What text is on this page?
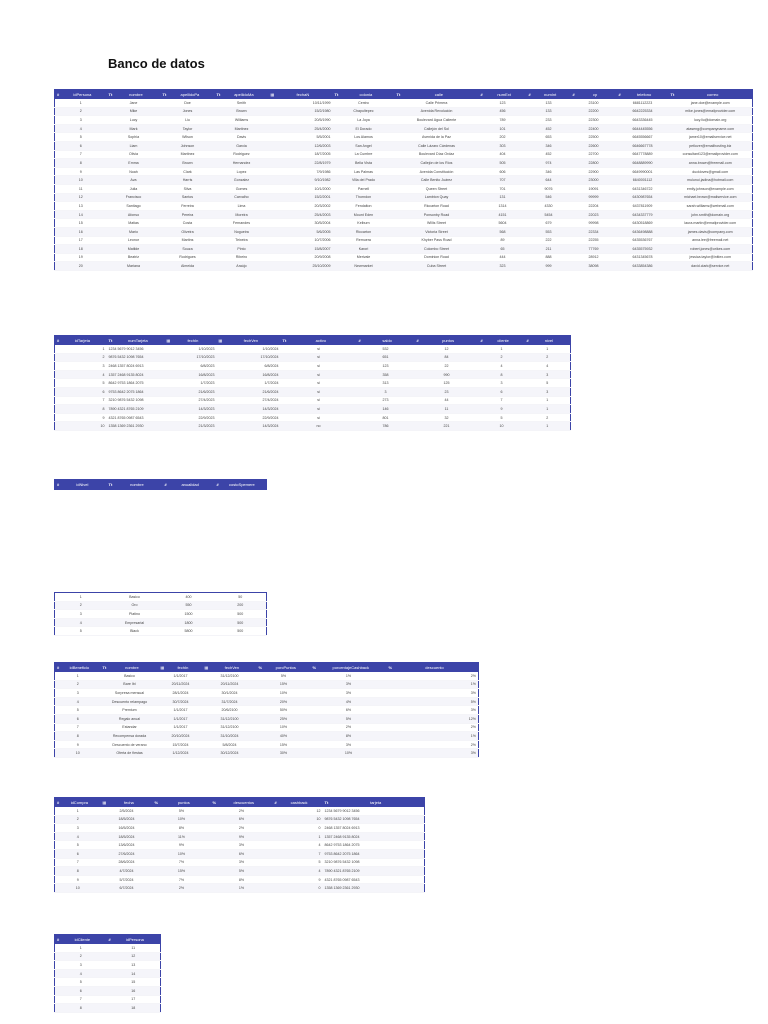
Banco de datos
# idPersona	Tt nombre	Tt apellidoPa	Tt apellidoMa	▦ fechaN	Tt colonia	Tt calle	# numExt	# numInt	# cp	# telefono	Tt correo
1	Jane	Doe	Smith	10/11/1999	Centro	Calle Primera	123	133	23100	6681112223	jane.doe@example.com
2	Mike	Jones	Brown	15/2/1980	Chapultepec	Avenida Revolución	456	133	22200	6642225334	mike.jones@emailprovider.com
3	Lucy	Liu	Williams	20/5/1990	La Joya	Boulevard Agua Caliente	789	233	22300	6643336445	lucy.liu@domain.org
4	Mark	Taylor	Martinez	25/4/2000	El Dorado	Callejón del Sol	101	452	22400	6644445556	ataseng@companyname.com
5	Sophia	Wilson	Davis	5/5/2001	Los Alamos	Avenida de la Paz	202	653	22500	6645556667	jamer10@emailservice.net
6	Liam	Johnson	Garcia	12/6/2003	San Angel	Calle Lázaro Cárdenas	303	346	22600	6646667778	petlover@emailhosting.biz
7	Olivia	Martinez	Rodriguez	18/7/2005	La Cumbre	Boulevard Díaz Ordaz	404	452	22700	6647778889	consultant123@emailprovider.com
8	Emma	Brown	Hernandez	22/8/1979	Bella Vista	Callejón de los Ríos	505	974	22800	6648889990	anna.brown@freemail.com
9	Noah	Clark	Lopez	7/9/1986	Las Palmas	Avenida Constitución	606	346	22900	6649990001	duckloves@gmail.com
10	Ava	Harris	Gonzalez	9/10/1982	Villa del Prado	Calle Benito Juárez	707	644	23000	6640001112	mulunui.jadina@hotmail.com
11	Julia	Silva	Gomes	10/1/2000	Parnell	Queen Street	701	9076	19091	6431346722	emily.johnson@example.com
12	Francisco	Santos	Carvalho	15/2/2001	Thorndon	Lambton Quay	131	546	99999	6430987654	michael.brown@mailservice.com
13	Santiago	Ferreira	Lima	20/3/2002	Fendalton	Riccarton Road	1314	4330	22204	6437811909	sarah.williams@webmail.com
14	Afonso	Pereira	Moreira	25/4/2003	Mount Eden	Ponsonby Road	4151	5454	22023	6434337779	john.smith@domain.org
15	Matias	Costa	Fernandes	30/5/2004	Kelburn	Willis Street	5604	679	99998	6430518869	laura.martin@emailprovider.com
16	Mario	Oliveira	Nogueira	5/6/2005	Riccarton	Victoria Street	568	553	22334	6436498888	james.davis@company.com
17	Leonor	Martins	Teixeira	10/7/2006	Remuera	Khyber Pass Road	89	222	22255	6435536767	anna.lee@freemail.net
18	Matilde	Souza	Pinto	15/8/2007	Karori	Colombo Street	65	211	77769	6435575932	robert.jones@orikes.com
19	Beatriz	Rodrigues	Ribeiro	20/9/2008	Merivale	Dominion Road	444	888	28912	6431345678	jessica.taylor@initiex.com
20	Mariana	Almeida	Araújo	25/10/2009	Newmarket	Cuba Street	323	999	38098	6433854386	david.clark@service.net
# idTarjeta	Tt numTarjeta	▦ fechIn	▦ fechVen	Tt activo	# saldo	# puntos	# cliente	# nivel
1	1234 5679 9012 3456	1/10/2023	1/10/2024	si	532	12	1	1
2	9876 5432 1098 7654	17/10/2023	17/10/2024	si	651	84	2	2
3	2468 1357 8024 6913	6/8/2023	6/8/2024	si	123	22	4	4
4	1357 2468 9135 8024	16/8/2023	16/8/2024	si	358	990	8	3
5	8642 9753 1864 2075	1/7/2023	1/7/2024	si	313	125	3	5
6	9753 8642 2075 1864	21/6/2023	21/6/2024	si	3	23	6	3
7	3210 9876 5432 1098	27/4/2023	27/4/2024	si	273	44	7	1
8	7890 4321 8765 2109	14/3/2023	14/3/2024	si	146	11	9	1
9	4321 8765 0987 6543	22/9/2023	22/9/2024	si	801	32	5	2
10	1358 1369 2361 2930	21/3/2023	14/3/2024	no	786	221	10	1
#	idNivel	Tt	nombre	#	anualidad	#	costoSpemere
1	Basico	400	50
2	Oro	550	200
3	Platino	1500	500
4	Empresarial	1800	500
5	Black	5800	500
# idBeneficio	Tt nombre	▦ fechIn	▦ fechVen	% porcPuntos	% porcentajeCashback	% descuento
1	Basico	1/1/2017	31/12/2100	5%	1%	2%
2	Bare Ibi	20/11/2024	20/11/2024	15%	3%	1%
3	Sorpresa mensual	28/1/2024	30/1/2024	10%	3%	3%
4	Descuento relampago	30/7/2024	31/7/2024	20%	4%	5%
5	Premium	1/1/2017	20/6/2100	50%	6%	3%
6	Regalo anual	1/1/2017	31/12/2100	25%	5%	12%
7	Estandar	1/1/2017	31/12/2100	10%	2%	2%
8	Recompensa dorada	20/10/2024	31/10/2024	40%	8%	1%
9	Descuento de verano	15/7/2024	5/8/2024	15%	3%	2%
10	Oferta de fiestas	1/12/2024	30/12/2024	30%	10%	3%
# idCompra	▦ fecha	% puntos	% descuentos	# cashback	Tt tarjeta
1	2/5/2024	5%	2%	12	1234 5679 9012 3456
2	18/5/2024	10%	6%	10	9876 5432 1098 7654
3	16/5/2024	8%	2%	0	2468 1357 8024 6913
4	18/5/2024	11%	9%	1	1357 2468 9135 8024
5	13/6/2024	9%	3%	4	8642 9753 1864 2075
6	27/6/2024	10%	6%	7	9753 8642 2075 1864
7	28/6/2024	7%	3%	5	3210 9876 5432 1098
8	4/7/2024	15%	5%	4	7890 4321 8765 2109
9	5/7/2024	7%	8%	9	4321 8765 0987 6543
10	6/7/2024	2%	1%	0	1358 1369 2361 2930
# idCliente	# idPersona
1	11
2	12
3	13
4	14
5	15
6	16
7	17
8	18
